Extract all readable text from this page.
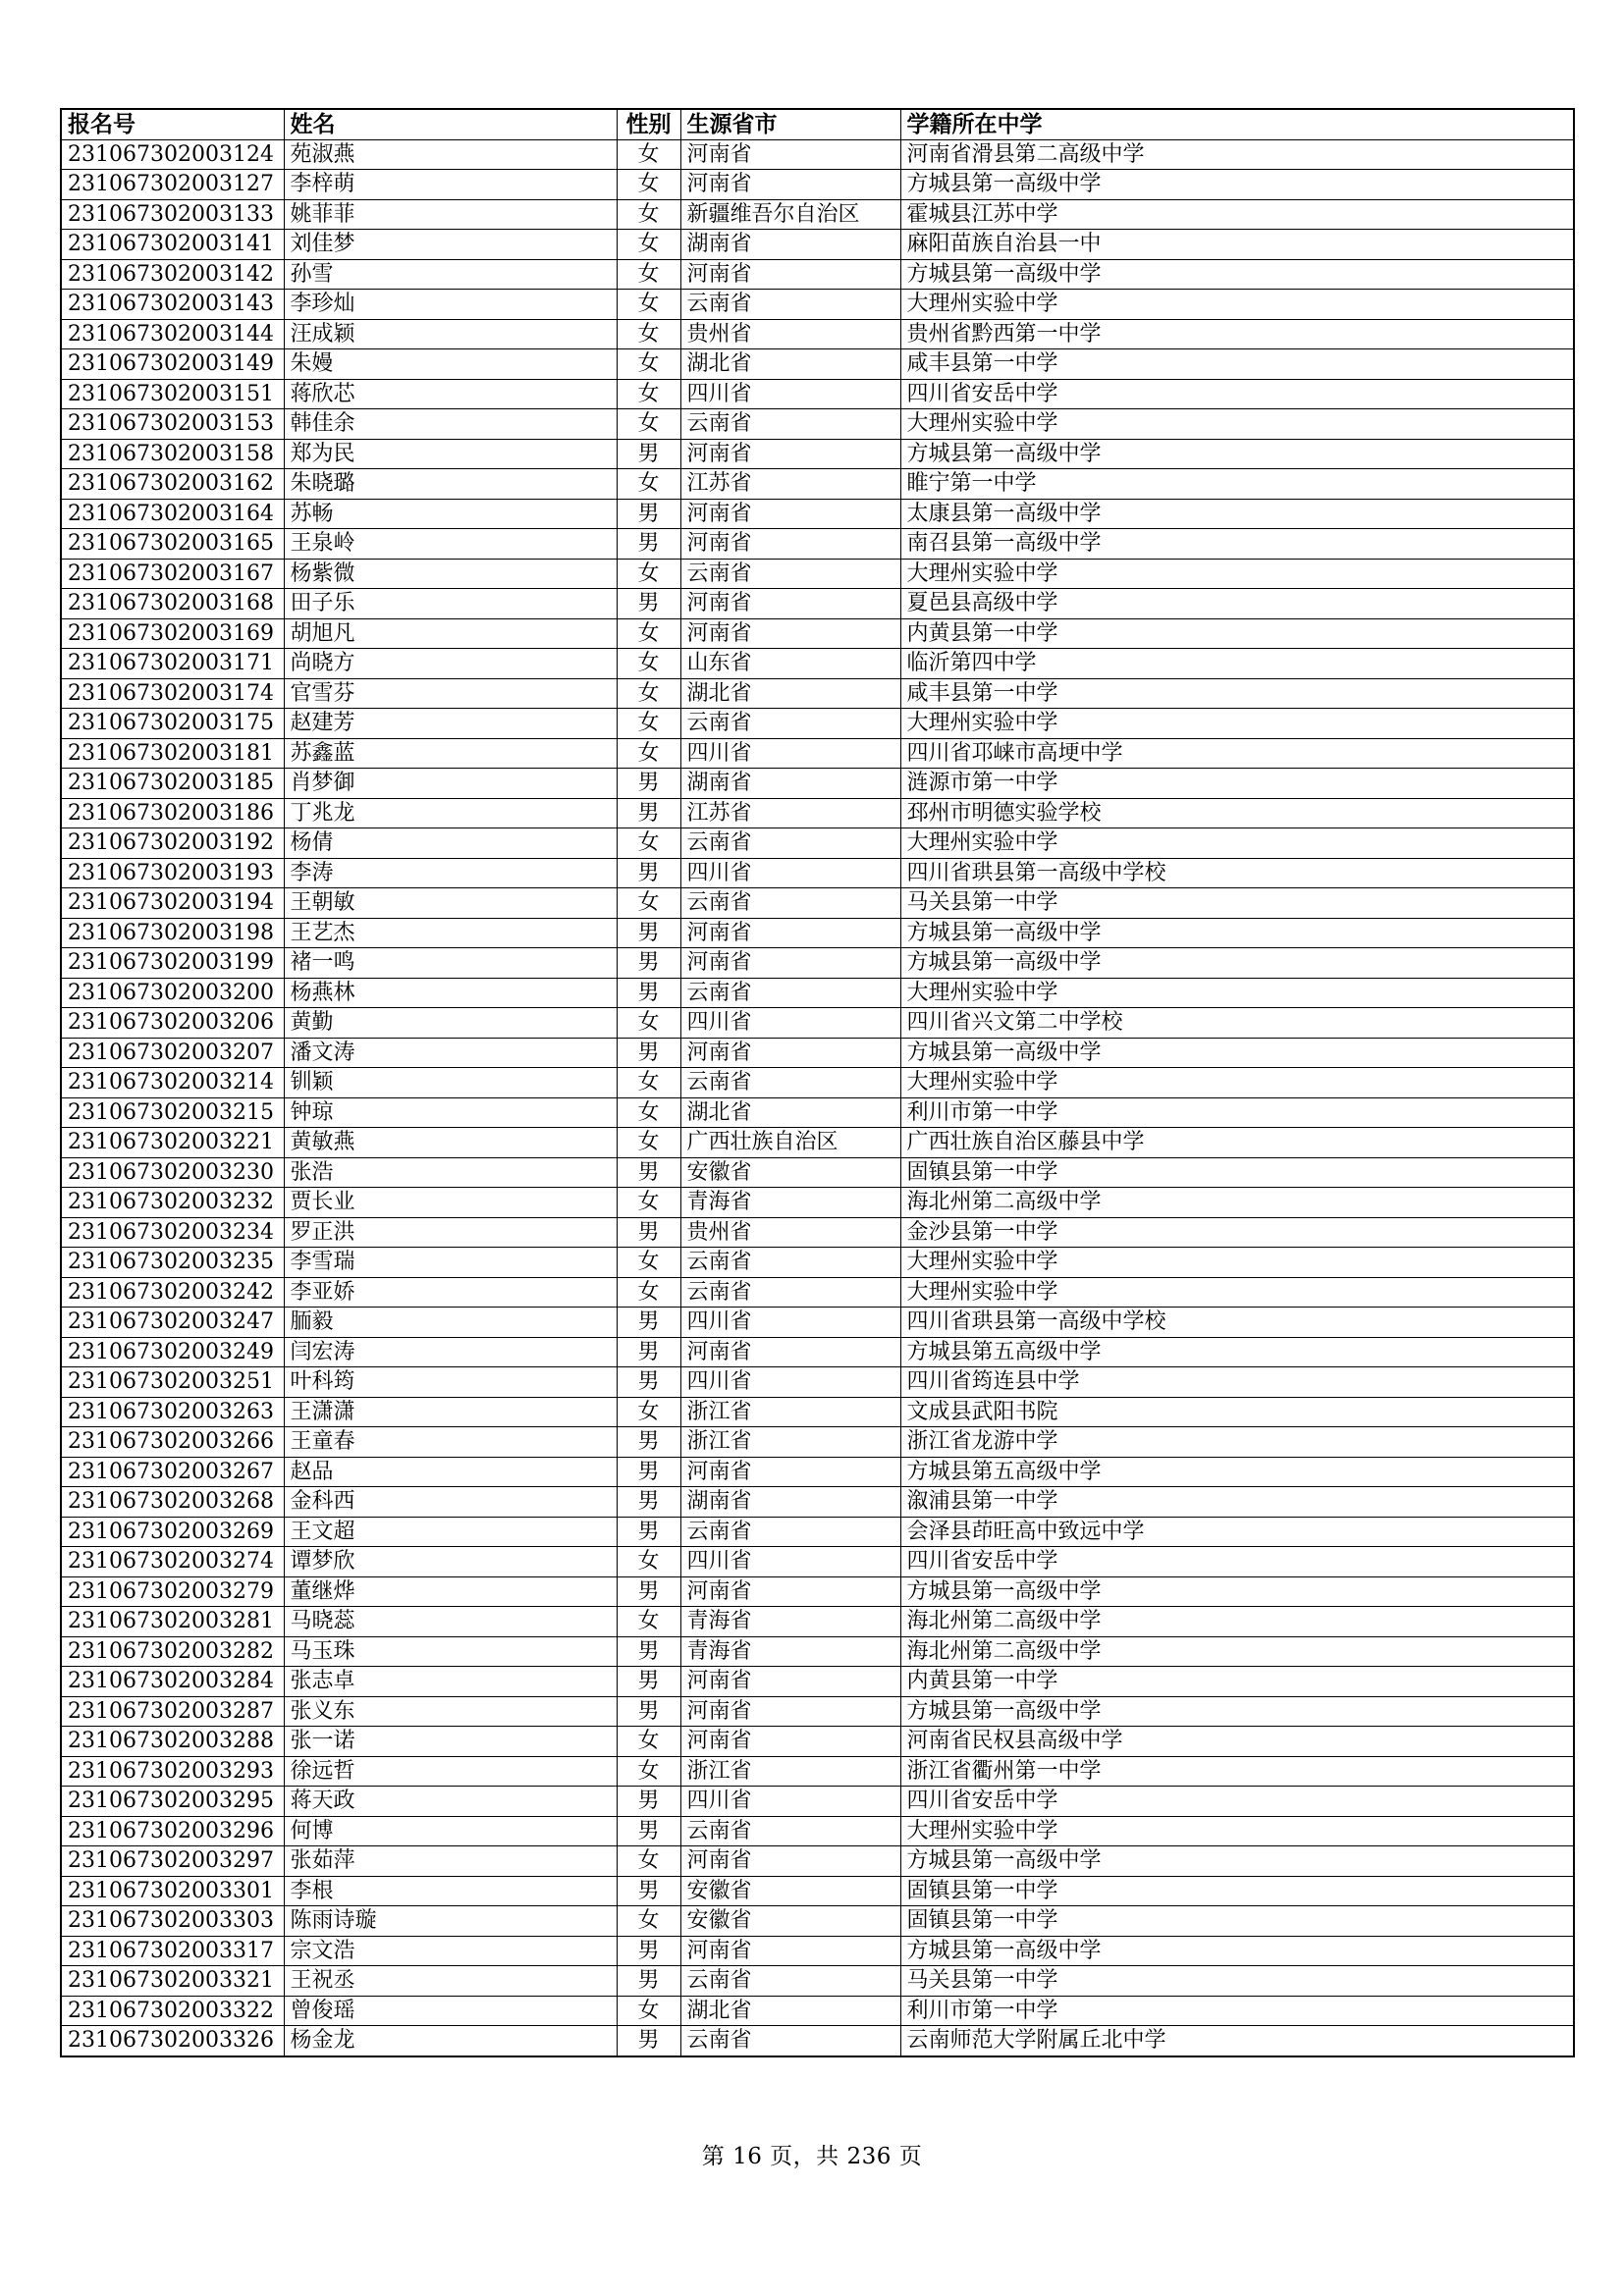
报名号	姓名	性别	生源省市	学籍所在中学
231067302003124	苑淑燕	女	河南省	河南省滑县第二高级中学
231067302003127	李梓萌	女	河南省	方城县第一高级中学
231067302003133	姚菲菲	女	新疆维吾尔自治区	霍城县江苏中学
231067302003141	刘佳梦	女	湖南省	麻阳苗族自治县一中
231067302003142	孙雪	女	河南省	方城县第一高级中学
231067302003143	李珍灿	女	云南省	大理州实验中学
231067302003144	汪成颖	女	贵州省	贵州省黔西第一中学
231067302003149	朱嫚	女	湖北省	咸丰县第一中学
231067302003151	蒋欣芯	女	四川省	四川省安岳中学
231067302003153	韩佳余	女	云南省	大理州实验中学
231067302003158	郑为民	男	河南省	方城县第一高级中学
231067302003162	朱晓璐	女	江苏省	睢宁第一中学
231067302003164	苏畅	男	河南省	太康县第一高级中学
231067302003165	王泉岭	男	河南省	南召县第一高级中学
231067302003167	杨紫微	女	云南省	大理州实验中学
231067302003168	田子乐	男	河南省	夏邑县高级中学
231067302003169	胡旭凡	女	河南省	内黄县第一中学
231067302003171	尚晓方	女	山东省	临沂第四中学
231067302003174	官雪芬	女	湖北省	咸丰县第一中学
231067302003175	赵建芳	女	云南省	大理州实验中学
231067302003181	苏鑫蓝	女	四川省	四川省邛崃市高埂中学
231067302003185	肖梦御	男	湖南省	涟源市第一中学
231067302003186	丁兆龙	男	江苏省	邳州市明德实验学校
231067302003192	杨倩	女	云南省	大理州实验中学
231067302003193	李涛	男	四川省	四川省珙县第一高级中学校
231067302003194	王朝敏	女	云南省	马关县第一中学
231067302003198	王艺杰	男	河南省	方城县第一高级中学
231067302003199	褚一鸣	男	河南省	方城县第一高级中学
231067302003200	杨燕林	男	云南省	大理州实验中学
231067302003206	黄勤	女	四川省	四川省兴文第二中学校
231067302003207	潘文涛	男	河南省	方城县第一高级中学
231067302003214	钏颖	女	云南省	大理州实验中学
231067302003215	钟琼	女	湖北省	利川市第一中学
231067302003221	黄敏燕	女	广西壮族自治区	广西壮族自治区藤县中学
231067302003230	张浩	男	安徽省	固镇县第一中学
231067302003232	贾长业	女	青海省	海北州第二高级中学
231067302003234	罗正洪	男	贵州省	金沙县第一中学
231067302003235	李雪瑞	女	云南省	大理州实验中学
231067302003242	李亚娇	女	云南省	大理州实验中学
231067302003247	胹毅	男	四川省	四川省珙县第一高级中学校
231067302003249	闫宏涛	男	河南省	方城县第五高级中学
231067302003251	叶科筠	男	四川省	四川省筠连县中学
231067302003263	王潇潇	女	浙江省	文成县武阳书院
231067302003266	王童春	男	浙江省	浙江省龙游中学
231067302003267	赵品	男	河南省	方城县第五高级中学
231067302003268	金科西	男	湖南省	溆浦县第一中学
231067302003269	王文超	男	云南省	会泽县茚旺高中致远中学
231067302003274	谭梦欣	女	四川省	四川省安岳中学
231067302003279	董继烨	男	河南省	方城县第一高级中学
231067302003281	马晓蕊	女	青海省	海北州第二高级中学
231067302003282	马玉珠	男	青海省	海北州第二高级中学
231067302003284	张志卓	男	河南省	内黄县第一中学
231067302003287	张义东	男	河南省	方城县第一高级中学
231067302003288	张一诺	女	河南省	河南省民权县高级中学
231067302003293	徐远哲	女	浙江省	浙江省衢州第一中学
231067302003295	蒋天政	男	四川省	四川省安岳中学
231067302003296	何博	男	云南省	大理州实验中学
231067302003297	张茹萍	女	河南省	方城县第一高级中学
231067302003301	李根	男	安徽省	固镇县第一中学
231067302003303	陈雨诗璇	女	安徽省	固镇县第一中学
231067302003317	宗文浩	男	河南省	方城县第一高级中学
231067302003321	王祝丞	男	云南省	马关县第一中学
231067302003322	曾俊瑶	女	湖北省	利川市第一中学
231067302003326	杨金龙	男	云南省	云南师范大学附属丘北中学
第 16 页，共 236 页
